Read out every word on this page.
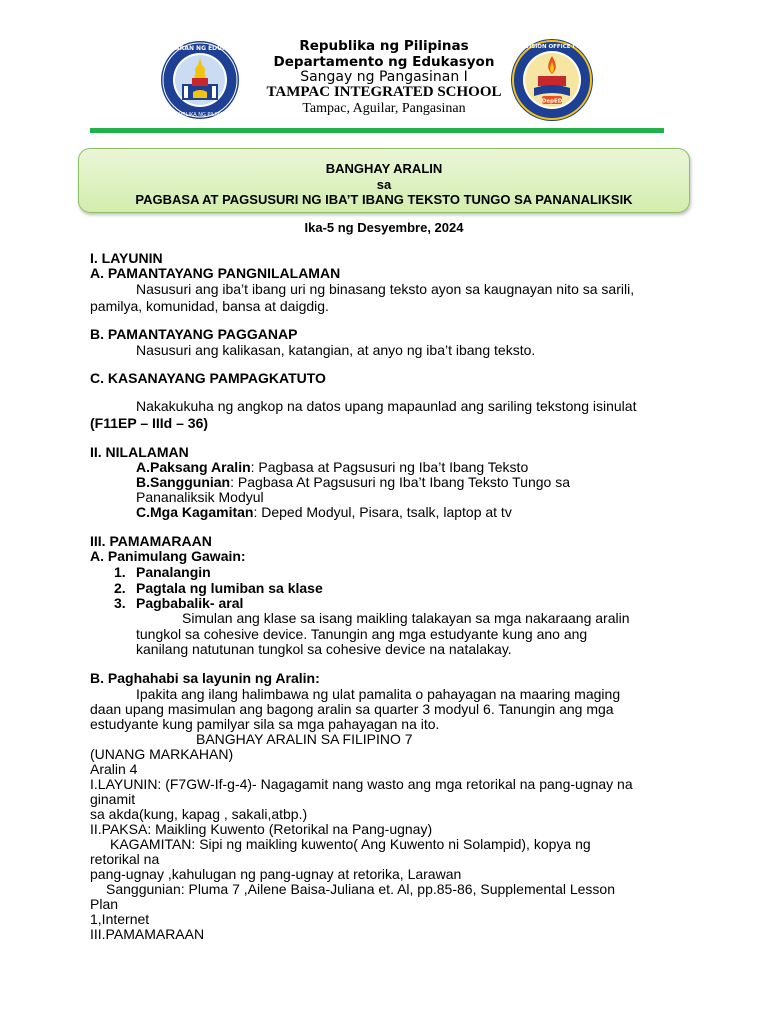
KAGAWARAN NG EDUKASYON
REPUBLIKA NG PILIPINAS
DepED
SCHOOLS DIVISION OFFICE I PANGASINAN
Republika ng Pilipinas
Departamento ng Edukasyon
Sangay ng Pangasinan I
TAMPAC INTEGRATED SCHOOL
Tampac, Aguilar, Pangasinan
BANGHAY ARALIN
sa
PAGBASA AT PAGSUSURI NG IBA’T IBANG TEKSTO TUNGO SA PANANALIKSIK
Ika-5 ng Desyembre, 2024
I. LAYUNIN
A. PAMANTAYANG PANGNILALAMAN
Nasusuri ang iba’t ibang uri ng binasang teksto ayon sa kaugnayan nito sa sarili,
pamilya, komunidad, bansa at daigdig.
B. PAMANTAYANG PAGGANAP
Nasusuri ang kalikasan, katangian, at anyo ng iba’t ibang teksto.
C. KASANAYANG PAMPAGKATUTO
Nakakukuha ng angkop na datos upang mapaunlad ang sariling tekstong isinulat
(F11EP – IIId – 36)
II. NILALAMAN
A.Paksang Aralin: Pagbasa at Pagsusuri ng Iba’t Ibang Teksto
B.Sanggunian: Pagbasa At Pagsusuri ng Iba’t Ibang Teksto Tungo sa
Pananaliksik Modyul
C.Mga Kagamitan: Deped Modyul, Pisara, tsalk, laptop at tv
III. PAMAMARAAN
A. Panimulang Gawain:
1. Panalangin
2. Pagtala ng lumiban sa klase
3. Pagbabalik- aral
Simulan ang klase sa isang maikling talakayan sa mga nakaraang aralin
tungkol sa cohesive device. Tanungin ang mga estudyante kung ano ang
kanilang natutunan tungkol sa cohesive device na natalakay.
B. Paghahabi sa layunin ng Aralin:
Ipakita ang ilang halimbawa ng ulat pamalita o pahayagan na maaring maging
daan upang masimulan ang bagong aralin sa quarter 3 modyul 6. Tanungin ang mga
estudyante kung pamilyar sila sa mga pahayagan na ito.
BANGHAY ARALIN SA FILIPINO 7
(UNANG MARKAHAN)
Aralin 4
I.LAYUNIN: (F7GW-If-g-4)- Nagagamit nang wasto ang mga retorikal na pang-ugnay na
ginamit
sa akda(kung, kapag , sakali,atbp.)
II.PAKSA: Maikling Kuwento (Retorikal na Pang-ugnay)
KAGAMITAN: Sipi ng maikling kuwento( Ang Kuwento ni Solampid), kopya ng
retorikal na
pang-ugnay ,kahulugan ng pang-ugnay at retorika, Larawan
Sanggunian: Pluma 7 ,Ailene Baisa-Juliana et. Al, pp.85-86, Supplemental Lesson
Plan
1,Internet
III.PAMAMARAAN
